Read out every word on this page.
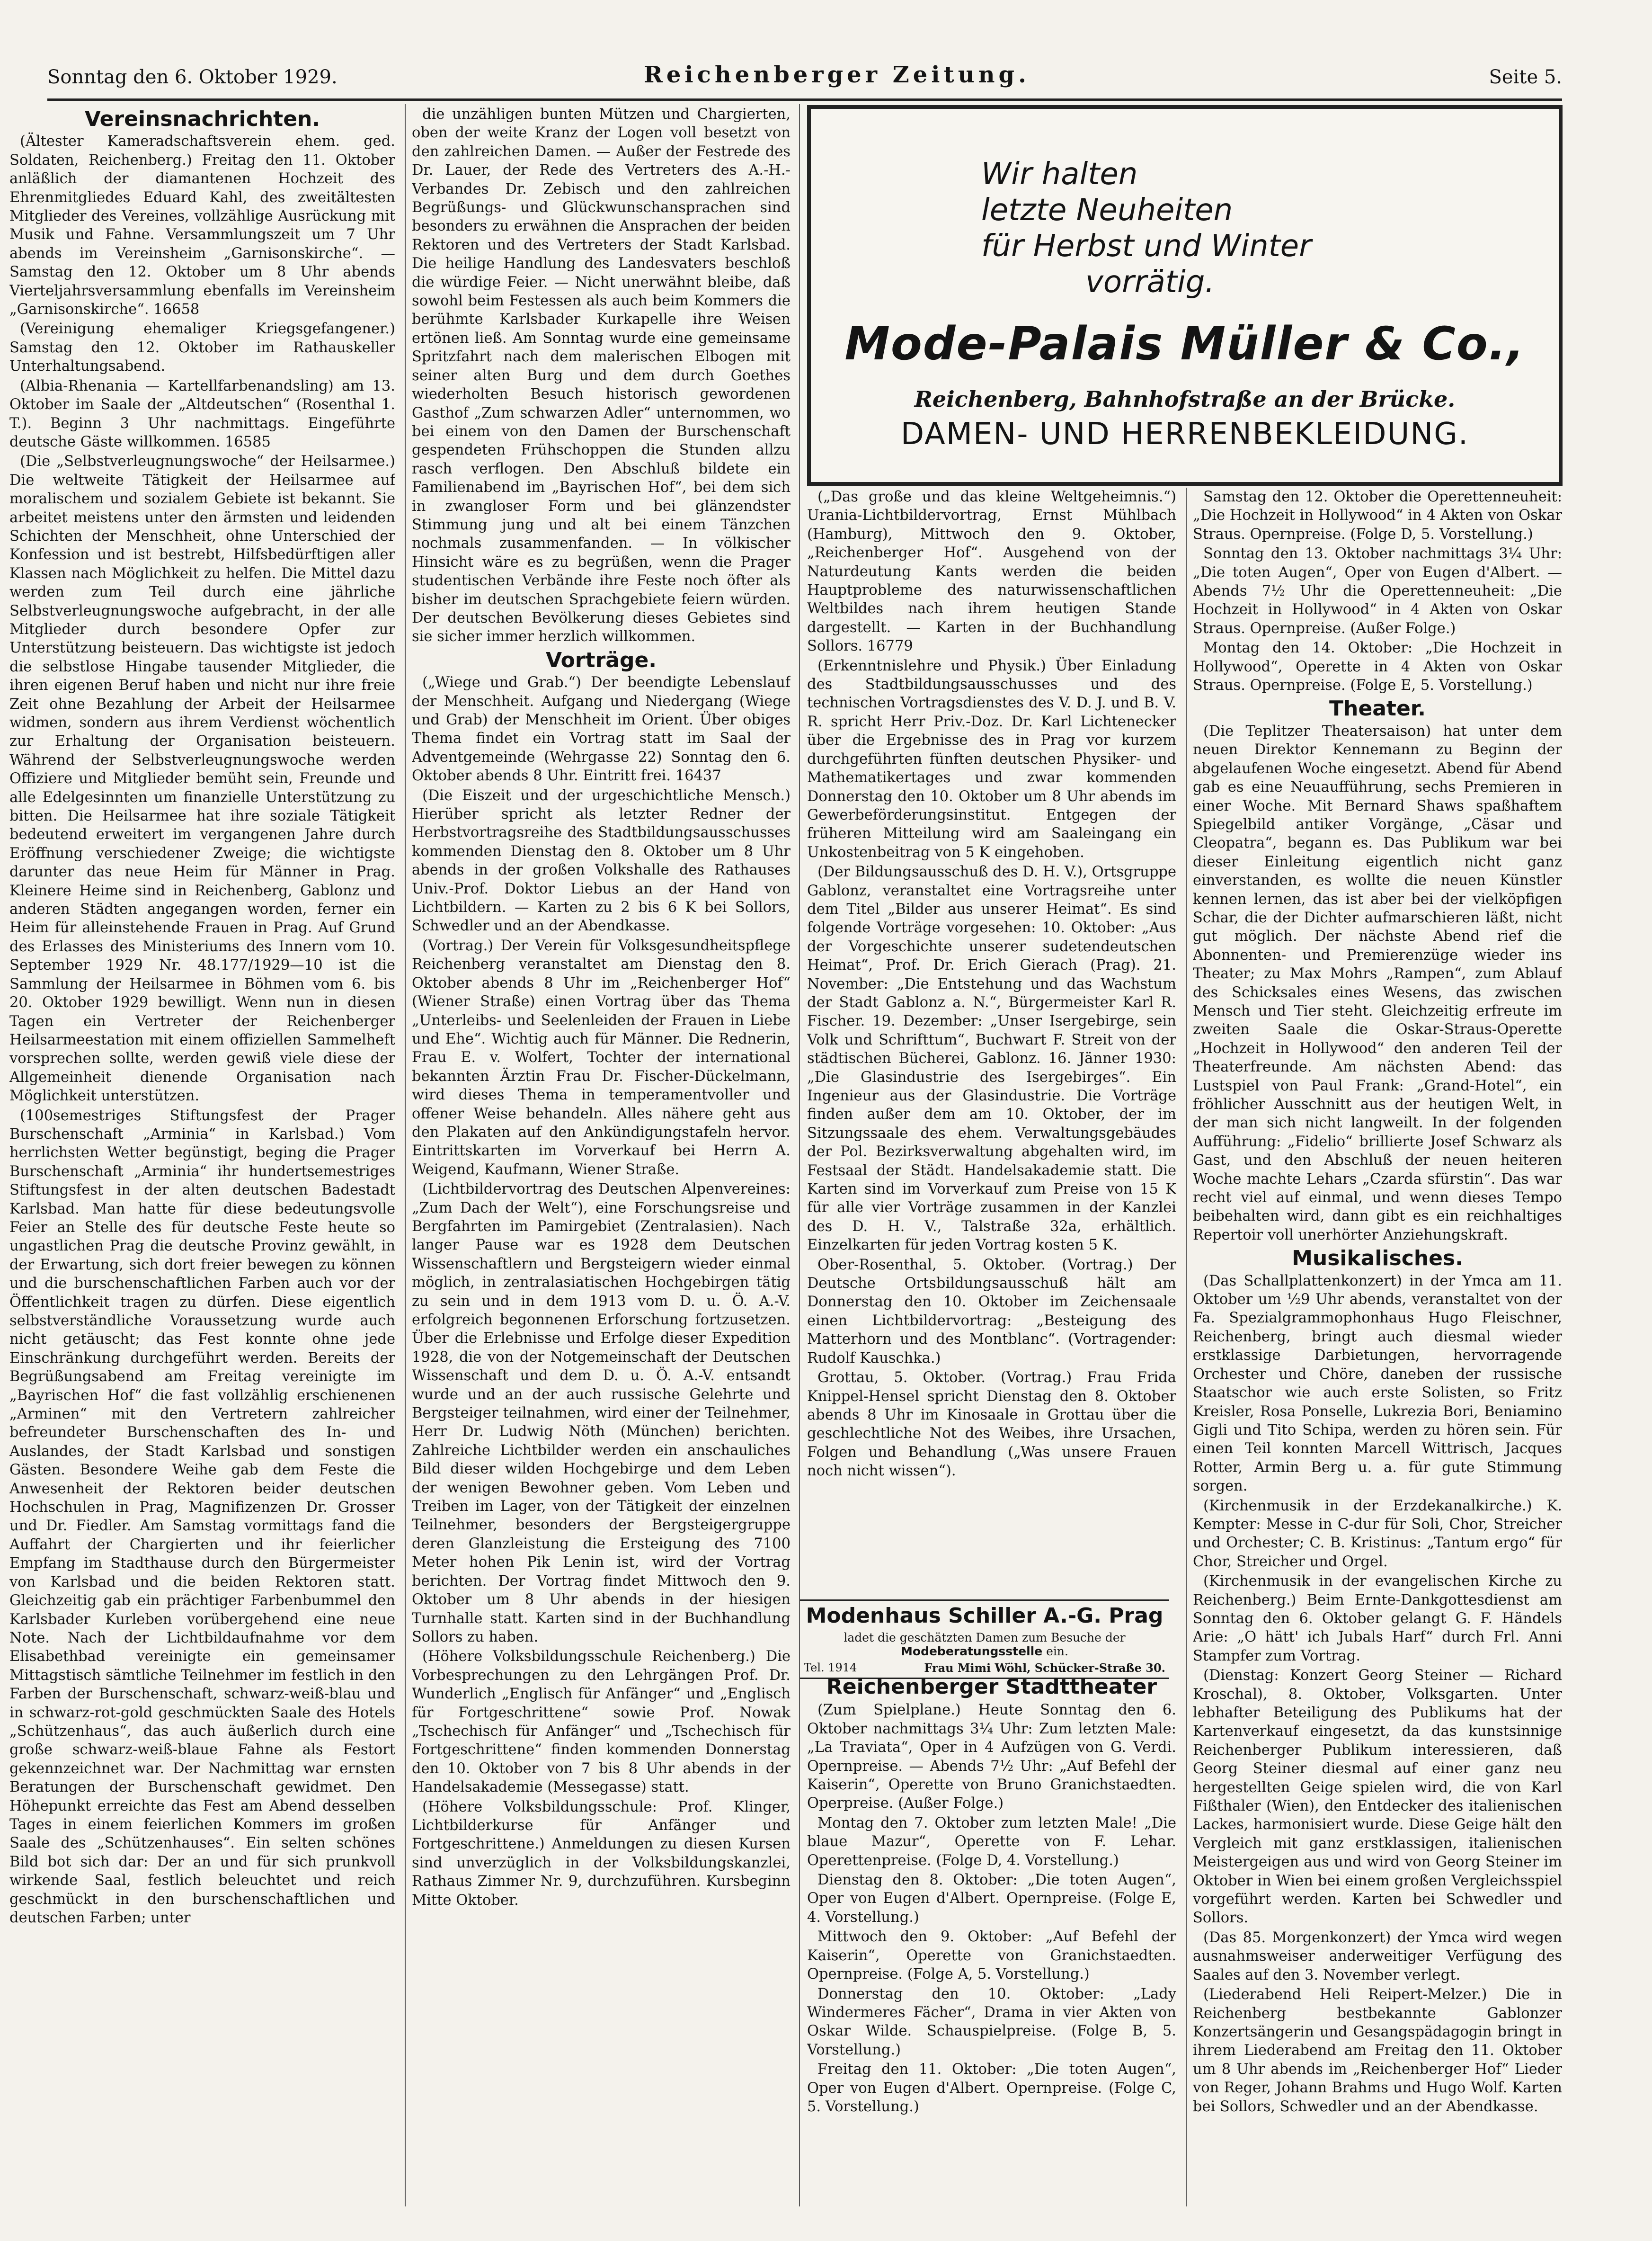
Sonntag den 6. Oktober 1929.	Reichenberger Zeitung.	Seite 5.
Vereinsnachrichten.

(Ältester Kameradschaftsverein ehem. ged. Soldaten, Reichenberg.) Freitag den 11. Oktober anläßlich der diamantenen Hochzeit des Ehrenmitgliedes Eduard Kahl, des zweitältesten Mitglieder des Vereines, vollzählige Ausrückung mit Musik und Fahne. Versammlungszeit um 7 Uhr abends im Vereinsheim „Garnisonskirche“. — Samstag den 12. Oktober um 8 Uhr abends Vierteljahrsversammlung ebenfalls im Vereinsheim „Garnisonskirche“. 16658

(Vereinigung ehemaliger Kriegsgefangener.) Samstag den 12. Oktober im Rathauskeller Unterhaltungsabend.

(Albia-Rhenania — Kartellfarbenandsling) am 13. Oktober im Saale der „Altdeutschen“ (Rosenthal 1. T.). Beginn 3 Uhr nachmittags. Eingeführte deutsche Gäste willkommen. 16585

(Die „Selbstverleugnungswoche“ der Heilsarmee.) Die weltweite Tätigkeit der Heilsarmee auf moralischem und sozialem Gebiete ist bekannt. Sie arbeitet meistens unter den ärmsten und leidenden Schichten der Menschheit, ohne Unterschied der Konfession und ist bestrebt, Hilfsbedürftigen aller Klassen nach Möglichkeit zu helfen. Die Mittel dazu werden zum Teil durch eine jährliche Selbstverleugnungswoche aufgebracht, in der alle Mitglieder durch besondere Opfer zur Unterstützung beisteuern. Das wichtigste ist jedoch die selbstlose Hingabe tausender Mitglieder, die ihren eigenen Beruf haben und nicht nur ihre freie Zeit ohne Bezahlung der Arbeit der Heilsarmee widmen, sondern aus ihrem Verdienst wöchentlich zur Erhaltung der Organisation beisteuern. Während der Selbstverleugnungswoche werden Offiziere und Mitglieder bemüht sein, Freunde und alle Edelgesinnten um finanzielle Unterstützung zu bitten. Die Heilsarmee hat ihre soziale Tätigkeit bedeutend erweitert im vergangenen Jahre durch Eröffnung verschiedener Zweige; die wichtigste darunter das neue Heim für Männer in Prag. Kleinere Heime sind in Reichenberg, Gablonz und anderen Städten angegangen worden, ferner ein Heim für alleinstehende Frauen in Prag. Auf Grund des Erlasses des Ministeriums des Innern vom 10. September 1929 Nr. 48.177/1929—10 ist die Sammlung der Heilsarmee in Böhmen vom 6. bis 20. Oktober 1929 bewilligt. Wenn nun in diesen Tagen ein Vertreter der Reichenberger Heilsarmeestation mit einem offiziellen Sammelheft vorsprechen sollte, werden gewiß viele diese der Allgemeinheit dienende Organisation nach Möglichkeit unterstützen.

(100semestriges Stiftungsfest der Prager Burschenschaft „Arminia“ in Karlsbad.) Vom herrlichsten Wetter begünstigt, beging die Prager Burschenschaft „Arminia“ ihr hundertsemestriges Stiftungsfest in der alten deutschen Badestadt Karlsbad. Man hatte für diese bedeutungsvolle Feier an Stelle des für deutsche Feste heute so ungastlichen Prag die deutsche Provinz gewählt, in der Erwartung, sich dort freier bewegen zu können und die burschenschaftlichen Farben auch vor der Öffentlichkeit tragen zu dürfen. Diese eigentlich selbstverständliche Voraussetzung wurde auch nicht getäuscht; das Fest konnte ohne jede Einschränkung durchgeführt werden. Bereits der Begrüßungsabend am Freitag vereinigte im „Bayrischen Hof“ die fast vollzählig erschienenen „Arminen“ mit den Vertretern zahlreicher befreundeter Burschenschaften des In- und Auslandes, der Stadt Karlsbad und sonstigen Gästen. Besondere Weihe gab dem Feste die Anwesenheit der Rektoren beider deutschen Hochschulen in Prag, Magnifizenzen Dr. Grosser und Dr. Fiedler. Am Samstag vormittags fand die Auffahrt der Chargierten und ihr feierlicher Empfang im Stadthause durch den Bürgermeister von Karlsbad und die beiden Rektoren statt. Gleichzeitig gab ein prächtiger Farbenbummel den Karlsbader Kurleben vorübergehend eine neue Note. Nach der Lichtbildaufnahme vor dem Elisabethbad vereinigte ein gemeinsamer Mittagstisch sämtliche Teilnehmer im festlich in den Farben der Burschenschaft, schwarz-weiß-blau und in schwarz-rot-gold geschmückten Saale des Hotels „Schützenhaus“, das auch äußerlich durch eine große schwarz-weiß-blaue Fahne als Festort gekennzeichnet war. Der Nachmittag war ernsten Beratungen der Burschenschaft gewidmet. Den Höhepunkt erreichte das Fest am Abend desselben Tages in einem feierlichen Kommers im großen Saale des „Schützenhauses“. Ein selten schönes Bild bot sich dar: Der an und für sich prunkvoll wirkende Saal, festlich beleuchtet und reich geschmückt in den burschenschaftlichen und deutschen Farben; unter

die unzähligen bunten Mützen und Chargierten, oben der weite Kranz der Logen voll besetzt von den zahlreichen Damen. — Außer der Festrede des Dr. Lauer, der Rede des Vertreters des A.-H.-Verbandes Dr. Zebisch und den zahlreichen Begrüßungs- und Glückwunschansprachen sind besonders zu erwähnen die Ansprachen der beiden Rektoren und des Vertreters der Stadt Karlsbad. Die heilige Handlung des Landesvaters beschloß die würdige Feier. — Nicht unerwähnt bleibe, daß sowohl beim Festessen als auch beim Kommers die berühmte Karlsbader Kurkapelle ihre Weisen ertönen ließ. Am Sonntag wurde eine gemeinsame Spritzfahrt nach dem malerischen Elbogen mit seiner alten Burg und dem durch Goethes wiederholten Besuch historisch gewordenen Gasthof „Zum schwarzen Adler“ unternommen, wo bei einem von den Damen der Burschenschaft gespendeten Frühschoppen die Stunden allzu rasch verflogen. Den Abschluß bildete ein Familienabend im „Bayrischen Hof“, bei dem sich in zwangloser Form und bei glänzendster Stimmung jung und alt bei einem Tänzchen nochmals zusammenfanden. — In völkischer Hinsicht wäre es zu begrüßen, wenn die Prager studentischen Verbände ihre Feste noch öfter als bisher im deutschen Sprachgebiete feiern würden. Der deutschen Bevölkerung dieses Gebietes sind sie sicher immer herzlich willkommen.

Vorträge.

(„Wiege und Grab.“) Der beendigte Lebenslauf der Menschheit. Aufgang und Niedergang (Wiege und Grab) der Menschheit im Orient. Über obiges Thema findet ein Vortrag statt im Saal der Adventgemeinde (Wehrgasse 22) Sonntag den 6. Oktober abends 8 Uhr. Eintritt frei. 16437

(Die Eiszeit und der urgeschichtliche Mensch.) Hierüber spricht als letzter Redner der Herbstvortragsreihe des Stadtbildungsausschusses kommenden Dienstag den 8. Oktober um 8 Uhr abends in der großen Volkshalle des Rathauses Univ.-Prof. Doktor Liebus an der Hand von Lichtbildern. — Karten zu 2 bis 6 K bei Sollors, Schwedler und an der Abendkasse.

(Vortrag.) Der Verein für Volksgesundheitspflege Reichenberg veranstaltet am Dienstag den 8. Oktober abends 8 Uhr im „Reichenberger Hof“ (Wiener Straße) einen Vortrag über das Thema „Unterleibs- und Seelenleiden der Frauen in Liebe und Ehe“. Wichtig auch für Männer. Die Rednerin, Frau E. v. Wolfert, Tochter der international bekannten Ärztin Frau Dr. Fischer-Dückelmann, wird dieses Thema in temperamentvoller und offener Weise behandeln. Alles nähere geht aus den Plakaten auf den Ankündigungstafeln hervor. Eintrittskarten im Vorverkauf bei Herrn A. Weigend, Kaufmann, Wiener Straße.

(Lichtbildervortrag des Deutschen Alpenvereines: „Zum Dach der Welt“), eine Forschungsreise und Bergfahrten im Pamirgebiet (Zentralasien). Nach langer Pause war es 1928 dem Deutschen Wissenschaftlern und Bergsteigern wieder einmal möglich, in zentralasiatischen Hochgebirgen tätig zu sein und in dem 1913 vom D. u. Ö. A.-V. erfolgreich begonnenen Erforschung fortzusetzen. Über die Erlebnisse und Erfolge dieser Expedition 1928, die von der Notgemeinschaft der Deutschen Wissenschaft und dem D. u. Ö. A.-V. entsandt wurde und an der auch russische Gelehrte und Bergsteiger teilnahmen, wird einer der Teilnehmer, Herr Dr. Ludwig Nöth (München) berichten. Zahlreiche Lichtbilder werden ein anschauliches Bild dieser wilden Hochgebirge und dem Leben der wenigen Bewohner geben. Vom Leben und Treiben im Lager, von der Tätigkeit der einzelnen Teilnehmer, besonders der Bergsteigergruppe deren Glanzleistung die Ersteigung des 7100 Meter hohen Pik Lenin ist, wird der Vortrag berichten. Der Vortrag findet Mittwoch den 9. Oktober um 8 Uhr abends in der hiesigen Turnhalle statt. Karten sind in der Buchhandlung Sollors zu haben.

(Höhere Volksbildungsschule Reichenberg.) Die Vorbesprechungen zu den Lehrgängen Prof. Dr. Wunderlich „Englisch für Anfänger“ und „Englisch für Fortgeschrittene“ sowie Prof. Nowak „Tschechisch für Anfänger“ und „Tschechisch für Fortgeschrittene“ finden kommenden Donnerstag den 10. Oktober von 7 bis 8 Uhr abends in der Handelsakademie (Messegasse) statt.

(Höhere Volksbildungsschule: Prof. Klinger, Lichtbilderkurse für Anfänger und Fortgeschrittene.) Anmeldungen zu diesen Kursen sind unverzüglich in der Volksbildungskanzlei, Rathaus Zimmer Nr. 9, durchzuführen. Kursbeginn Mitte Oktober.

Wir halten
letzte Neuheiten
für Herbst und Winter
vorrätig.
Mode-Palais Müller & Co.,
Reichenberg, Bahnhofstraße an der Brücke.
DAMEN- UND HERRENBEKLEIDUNG.

(„Das große und das kleine Weltgeheimnis.“) Urania-Lichtbildervortrag, Ernst Mühlbach (Hamburg), Mittwoch den 9. Oktober, „Reichenberger Hof“. Ausgehend von der Naturdeutung Kants werden die beiden Hauptprobleme des naturwissenschaftlichen Weltbildes nach ihrem heutigen Stande dargestellt. — Karten in der Buchhandlung Sollors. 16779

(Erkenntnislehre und Physik.) Über Einladung des Stadtbildungsausschusses und des technischen Vortragsdienstes des V. D. J. und B. V. R. spricht Herr Priv.-Doz. Dr. Karl Lichtenecker über die Ergebnisse des in Prag vor kurzem durchgeführten fünften deutschen Physiker- und Mathematikertages und zwar kommenden Donnerstag den 10. Oktober um 8 Uhr abends im Gewerbeförderungsinstitut. Entgegen der früheren Mitteilung wird am Saaleingang ein Unkostenbeitrag von 5 K eingehoben.

(Der Bildungsausschuß des D. H. V.), Ortsgruppe Gablonz, veranstaltet eine Vortragsreihe unter dem Titel „Bilder aus unserer Heimat“. Es sind folgende Vorträge vorgesehen: 10. Oktober: „Aus der Vorgeschichte unserer sudetendeutschen Heimat“, Prof. Dr. Erich Gierach (Prag). 21. November: „Die Entstehung und das Wachstum der Stadt Gablonz a. N.“, Bürgermeister Karl R. Fischer. 19. Dezember: „Unser Isergebirge, sein Volk und Schrifttum“, Buchwart F. Streit von der städtischen Bücherei, Gablonz. 16. Jänner 1930: „Die Glasindustrie des Isergebirges“. Ein Ingenieur aus der Glasindustrie. Die Vorträge finden außer dem am 10. Oktober, der im Sitzungssaale des ehem. Verwaltungsgebäudes der Pol. Bezirksverwaltung abgehalten wird, im Festsaal der Städt. Handelsakademie statt. Die Karten sind im Vorverkauf zum Preise von 15 K für alle vier Vorträge zusammen in der Kanzlei des D. H. V., Talstraße 32a, erhältlich. Einzelkarten für jeden Vortrag kosten 5 K.

Ober-Rosenthal, 5. Oktober. (Vortrag.) Der Deutsche Ortsbildungsausschuß hält am Donnerstag den 10. Oktober im Zeichensaale einen Lichtbildervortrag: „Besteigung des Matterhorn und des Montblanc“. (Vortragender: Rudolf Kauschka.)

Grottau, 5. Oktober. (Vortrag.) Frau Frida Knippel-Hensel spricht Dienstag den 8. Oktober abends 8 Uhr im Kinosaale in Grottau über die geschlechtliche Not des Weibes, ihre Ursachen, Folgen und Behandlung („Was unsere Frauen noch nicht wissen“).

Modenhaus Schiller A.-G. Prag
ladet die geschätzten Damen zum Besuche der Modeberatungsstelle ein.
Tel. 1914	Frau Mimi Wöhl, Schücker-Straße 30.
Reichenberger Stadttheater

(Zum Spielplane.) Heute Sonntag den 6. Oktober nachmittags 3¼ Uhr: Zum letzten Male: „La Traviata“, Oper in 4 Aufzügen von G. Verdi. Opernpreise. — Abends 7½ Uhr: „Auf Befehl der Kaiserin“, Operette von Bruno Granichstaedten. Operpreise. (Außer Folge.)

Montag den 7. Oktober zum letzten Male! „Die blaue Mazur“, Operette von F. Lehar. Operettenpreise. (Folge D, 4. Vorstellung.)

Dienstag den 8. Oktober: „Die toten Augen“, Oper von Eugen d'Albert. Opernpreise. (Folge E, 4. Vorstellung.)

Mittwoch den 9. Oktober: „Auf Befehl der Kaiserin“, Operette von Granichstaedten. Opernpreise. (Folge A, 5. Vorstellung.)

Donnerstag den 10. Oktober: „Lady Windermeres Fächer“, Drama in vier Akten von Oskar Wilde. Schauspielpreise. (Folge B, 5. Vorstellung.)

Freitag den 11. Oktober: „Die toten Augen“, Oper von Eugen d'Albert. Opernpreise. (Folge C, 5. Vorstellung.)

Samstag den 12. Oktober die Operettenneuheit: „Die Hochzeit in Hollywood“ in 4 Akten von Oskar Straus. Opernpreise. (Folge D, 5. Vorstellung.)

Sonntag den 13. Oktober nachmittags 3¼ Uhr: „Die toten Augen“, Oper von Eugen d'Albert. — Abends 7½ Uhr die Operettenneuheit: „Die Hochzeit in Hollywood“ in 4 Akten von Oskar Straus. Opernpreise. (Außer Folge.)

Montag den 14. Oktober: „Die Hochzeit in Hollywood“, Operette in 4 Akten von Oskar Straus. Opernpreise. (Folge E, 5. Vorstellung.)

Theater.

(Die Teplitzer Theatersaison) hat unter dem neuen Direktor Kennemann zu Beginn der abgelaufenen Woche eingesetzt. Abend für Abend gab es eine Neuaufführung, sechs Premieren in einer Woche. Mit Bernard Shaws spaßhaftem Spiegelbild antiker Vorgänge, „Cäsar und Cleopatra“, begann es. Das Publikum war bei dieser Einleitung eigentlich nicht ganz einverstanden, es wollte die neuen Künstler kennen lernen, das ist aber bei der vielköpfigen Schar, die der Dichter aufmarschieren läßt, nicht gut möglich. Der nächste Abend rief die Abonnenten- und Premierenzüge wieder ins Theater; zu Max Mohrs „Rampen“, zum Ablauf des Schicksales eines Wesens, das zwischen Mensch und Tier steht. Gleichzeitig erfreute im zweiten Saale die Oskar-Straus-Operette „Hochzeit in Hollywood“ den anderen Teil der Theaterfreunde. Am nächsten Abend: das Lustspiel von Paul Frank: „Grand-Hotel“, ein fröhlicher Ausschnitt aus der heutigen Welt, in der man sich nicht langweilt. In der folgenden Aufführung: „Fidelio“ brillierte Josef Schwarz als Gast, und den Abschluß der neuen heiteren Woche machte Lehars „Czarda sfürstin“. Das war recht viel auf einmal, und wenn dieses Tempo beibehalten wird, dann gibt es ein reichhaltiges Repertoir voll unerhörter Anziehungskraft.

Musikalisches.

(Das Schallplattenkonzert) in der Ymca am 11. Oktober um ½9 Uhr abends, veranstaltet von der Fa. Spezialgrammophonhaus Hugo Fleischner, Reichenberg, bringt auch diesmal wieder erstklassige Darbietungen, hervorragende Orchester und Chöre, daneben der russische Staatschor wie auch erste Solisten, so Fritz Kreisler, Rosa Ponselle, Lukrezia Bori, Beniamino Gigli und Tito Schipa, werden zu hören sein. Für einen Teil konnten Marcell Wittrisch, Jacques Rotter, Armin Berg u. a. für gute Stimmung sorgen.

(Kirchenmusik in der Erzdekanalkirche.) K. Kempter: Messe in C-dur für Soli, Chor, Streicher und Orchester; C. B. Kristinus: „Tantum ergo“ für Chor, Streicher und Orgel.

(Kirchenmusik in der evangelischen Kirche zu Reichenberg.) Beim Ernte-Dankgottesdienst am Sonntag den 6. Oktober gelangt G. F. Händels Arie: „O hätt' ich Jubals Harf“ durch Frl. Anni Stampfer zum Vortrag.

(Dienstag: Konzert Georg Steiner — Richard Kroschal), 8. Oktober, Volksgarten. Unter lebhafter Beteiligung des Publikums hat der Kartenverkauf eingesetzt, da das kunstsinnige Reichenberger Publikum interessieren, daß Georg Steiner diesmal auf einer ganz neu hergestellten Geige spielen wird, die von Karl Fißthaler (Wien), den Entdecker des italienischen Lackes, harmonisiert wurde. Diese Geige hält den Vergleich mit ganz erstklassigen, italienischen Meistergeigen aus und wird von Georg Steiner im Oktober in Wien bei einem großen Vergleichsspiel vorgeführt werden. Karten bei Schwedler und Sollors.

(Das 85. Morgenkonzert) der Ymca wird wegen ausnahmsweiser anderweitiger Verfügung des Saales auf den 3. November verlegt.

(Liederabend Heli Reipert-Melzer.) Die in Reichenberg bestbekannte Gablonzer Konzertsängerin und Gesangspädagogin bringt in ihrem Liederabend am Freitag den 11. Oktober um 8 Uhr abends im „Reichenberger Hof“ Lieder von Reger, Johann Brahms und Hugo Wolf. Karten bei Sollors, Schwedler und an der Abendkasse.
